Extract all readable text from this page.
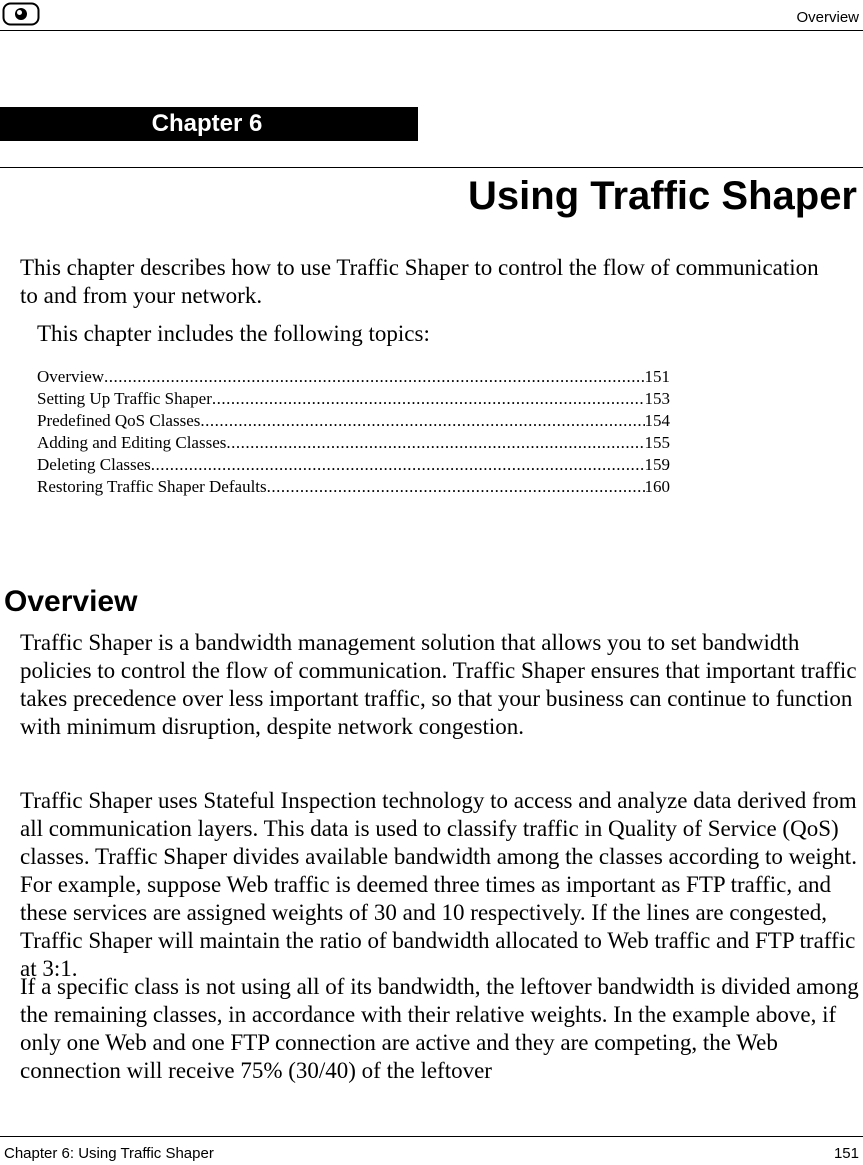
Overview
Chapter 6
Using Traffic Shaper

This chapter describes how to use Traffic Shaper to control the flow of communication to and from your network.

This chapter includes the following topics:

Overview .....	151
Setting Up Traffic Shaper .....	153
Predefined QoS Classes .....	154
Adding and Editing Classes .....	155
Deleting Classes .....	159
Restoring Traffic Shaper Defaults .....	160
Overview

Traffic Shaper is a bandwidth management solution that allows you to set bandwidth policies to control the flow of communication. Traffic Shaper ensures that important traffic takes precedence over less important traffic, so that your business can continue to function with minimum disruption, despite network congestion.

Traffic Shaper uses Stateful Inspection technology to access and analyze data derived from all communication layers. This data is used to classify traffic in Quality of Service (QoS) classes. Traffic Shaper divides available bandwidth among the classes according to weight. For example, suppose Web traffic is deemed three times as important as FTP traffic, and these services are assigned weights of 30 and 10 respectively. If the lines are congested, Traffic Shaper will maintain the ratio of bandwidth allocated to Web traffic and FTP traffic at 3:1.

If a specific class is not using all of its bandwidth, the leftover bandwidth is divided among the remaining classes, in accordance with their relative weights. In the example above, if only one Web and one FTP connection are active and they are competing, the Web connection will receive 75% (30/40) of the leftover

Chapter 6: Using Traffic Shaper	151
